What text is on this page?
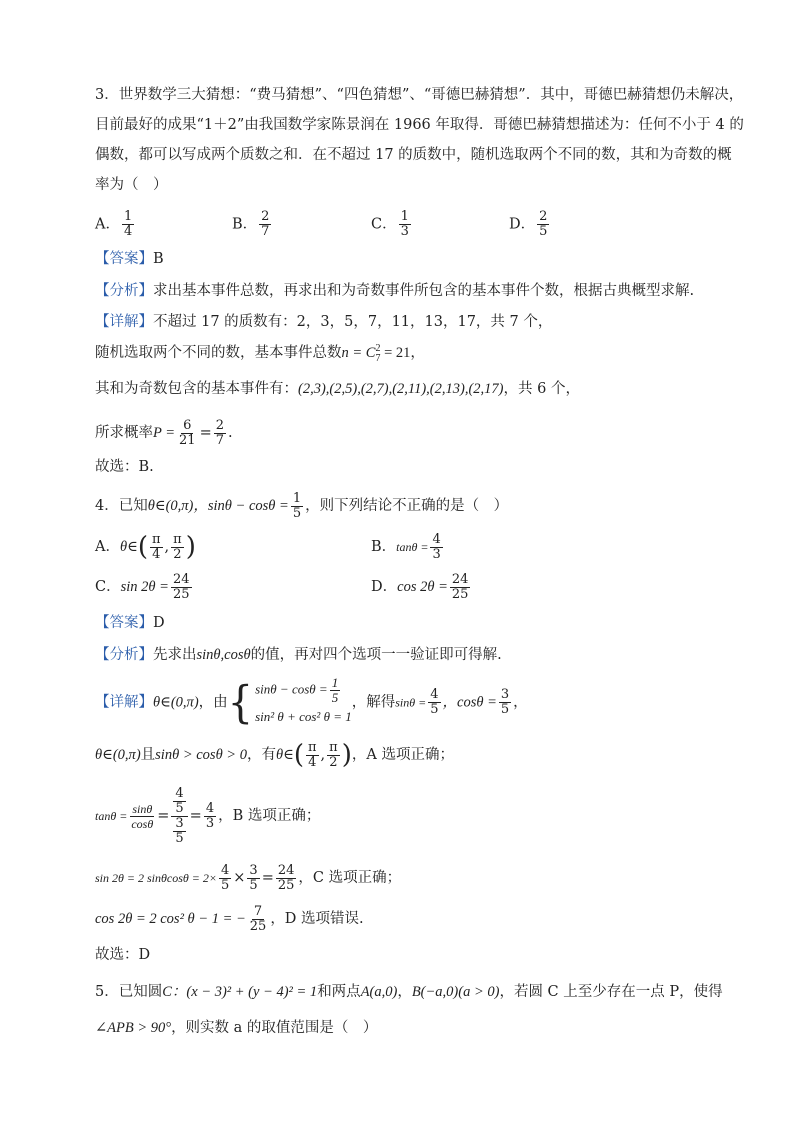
3．世界数学三大猜想：“费马猜想”、“四色猜想”、“哥德巴赫猜想”．其中，哥德巴赫猜想仍未解决，
目前最好的成果“1＋2”由我国数学家陈景润在 1966 年取得．哥德巴赫猜想描述为：任何不小于 4 的
偶数，都可以写成两个质数之和．在不超过 17 的质数中，随机选取两个不同的数，其和为奇数的概
率为（　）
A． $\frac{1}{4}$	B． $\frac{2}{7}$	C． $\frac{1}{3}$	D． $\frac{2}{5}$
【答案】B
【分析】求出基本事件总数，再求出和为奇数事件所包含的基本事件个数，根据古典概型求解.
【详解】不超过 17 的质数有：2，3，5，7，11，13，17，共 7 个，
随机选取两个不同的数，基本事件总数n = C 2
7 = 21，
其和为奇数包含的基本事件有：(2,3),(2,5),(2,7),(2,11),(2,13),(2,17)，共 6 个，
所求概率$P = \frac{6}{21} = \frac{2}{7}$ .
故选：B.
4．已知θ∈(0,π)，$\sin\theta - \cos\theta = \frac{1}{5}$ ，则下列结论不正确的是（　）
A．θ∈( $\frac{\pi}{4}$ , $\frac{\pi}{2}$ )	B．$\tan\theta = \frac{4}{3}$
C．$\sin 2\theta = \frac{24}{25}$	D．$\cos 2\theta = \frac{24}{25}$
【答案】D
【分析】先求出sinθ,cosθ的值，再对四个选项一一验证即可得解.
【详解】θ∈(0,π)，由 { $\sin\theta - \cos\theta = \frac{1}{5}$
sin² θ + cos² θ = 1
，解得$\sin\theta = \frac{4}{5}$ ，$\cos\theta = \frac{3}{5}$ ，
θ∈(0,π)且sinθ > cosθ > 0，有θ∈( $\frac{\pi}{4}$ , $\frac{\pi}{2}$ )，A 选项正确；
$\tan\theta = \frac{\sin\theta}{\cos\theta} = \frac{\frac{4}{5}}{\frac{3}{5}} = \frac{4}{3}$ ，B 选项正确；
sin 2θ = 2 $\sin\theta\cos\theta = 2\times \frac{4}{5} \times \frac{3}{5} = \frac{24}{25}$ ，C 选项正确；
cos 2θ = 2 cos² θ − 1 = − $\frac{7}{25}$ ，D 选项错误.
故选：D
5．已知圆C：(x − 3)² + (y − 4)² = 1和两点A(a,0)，B(−a,0)(a > 0)，若圆 C 上至少存在一点 P，使得
∠APB > 90°，则实数 a 的取值范围是（　）
